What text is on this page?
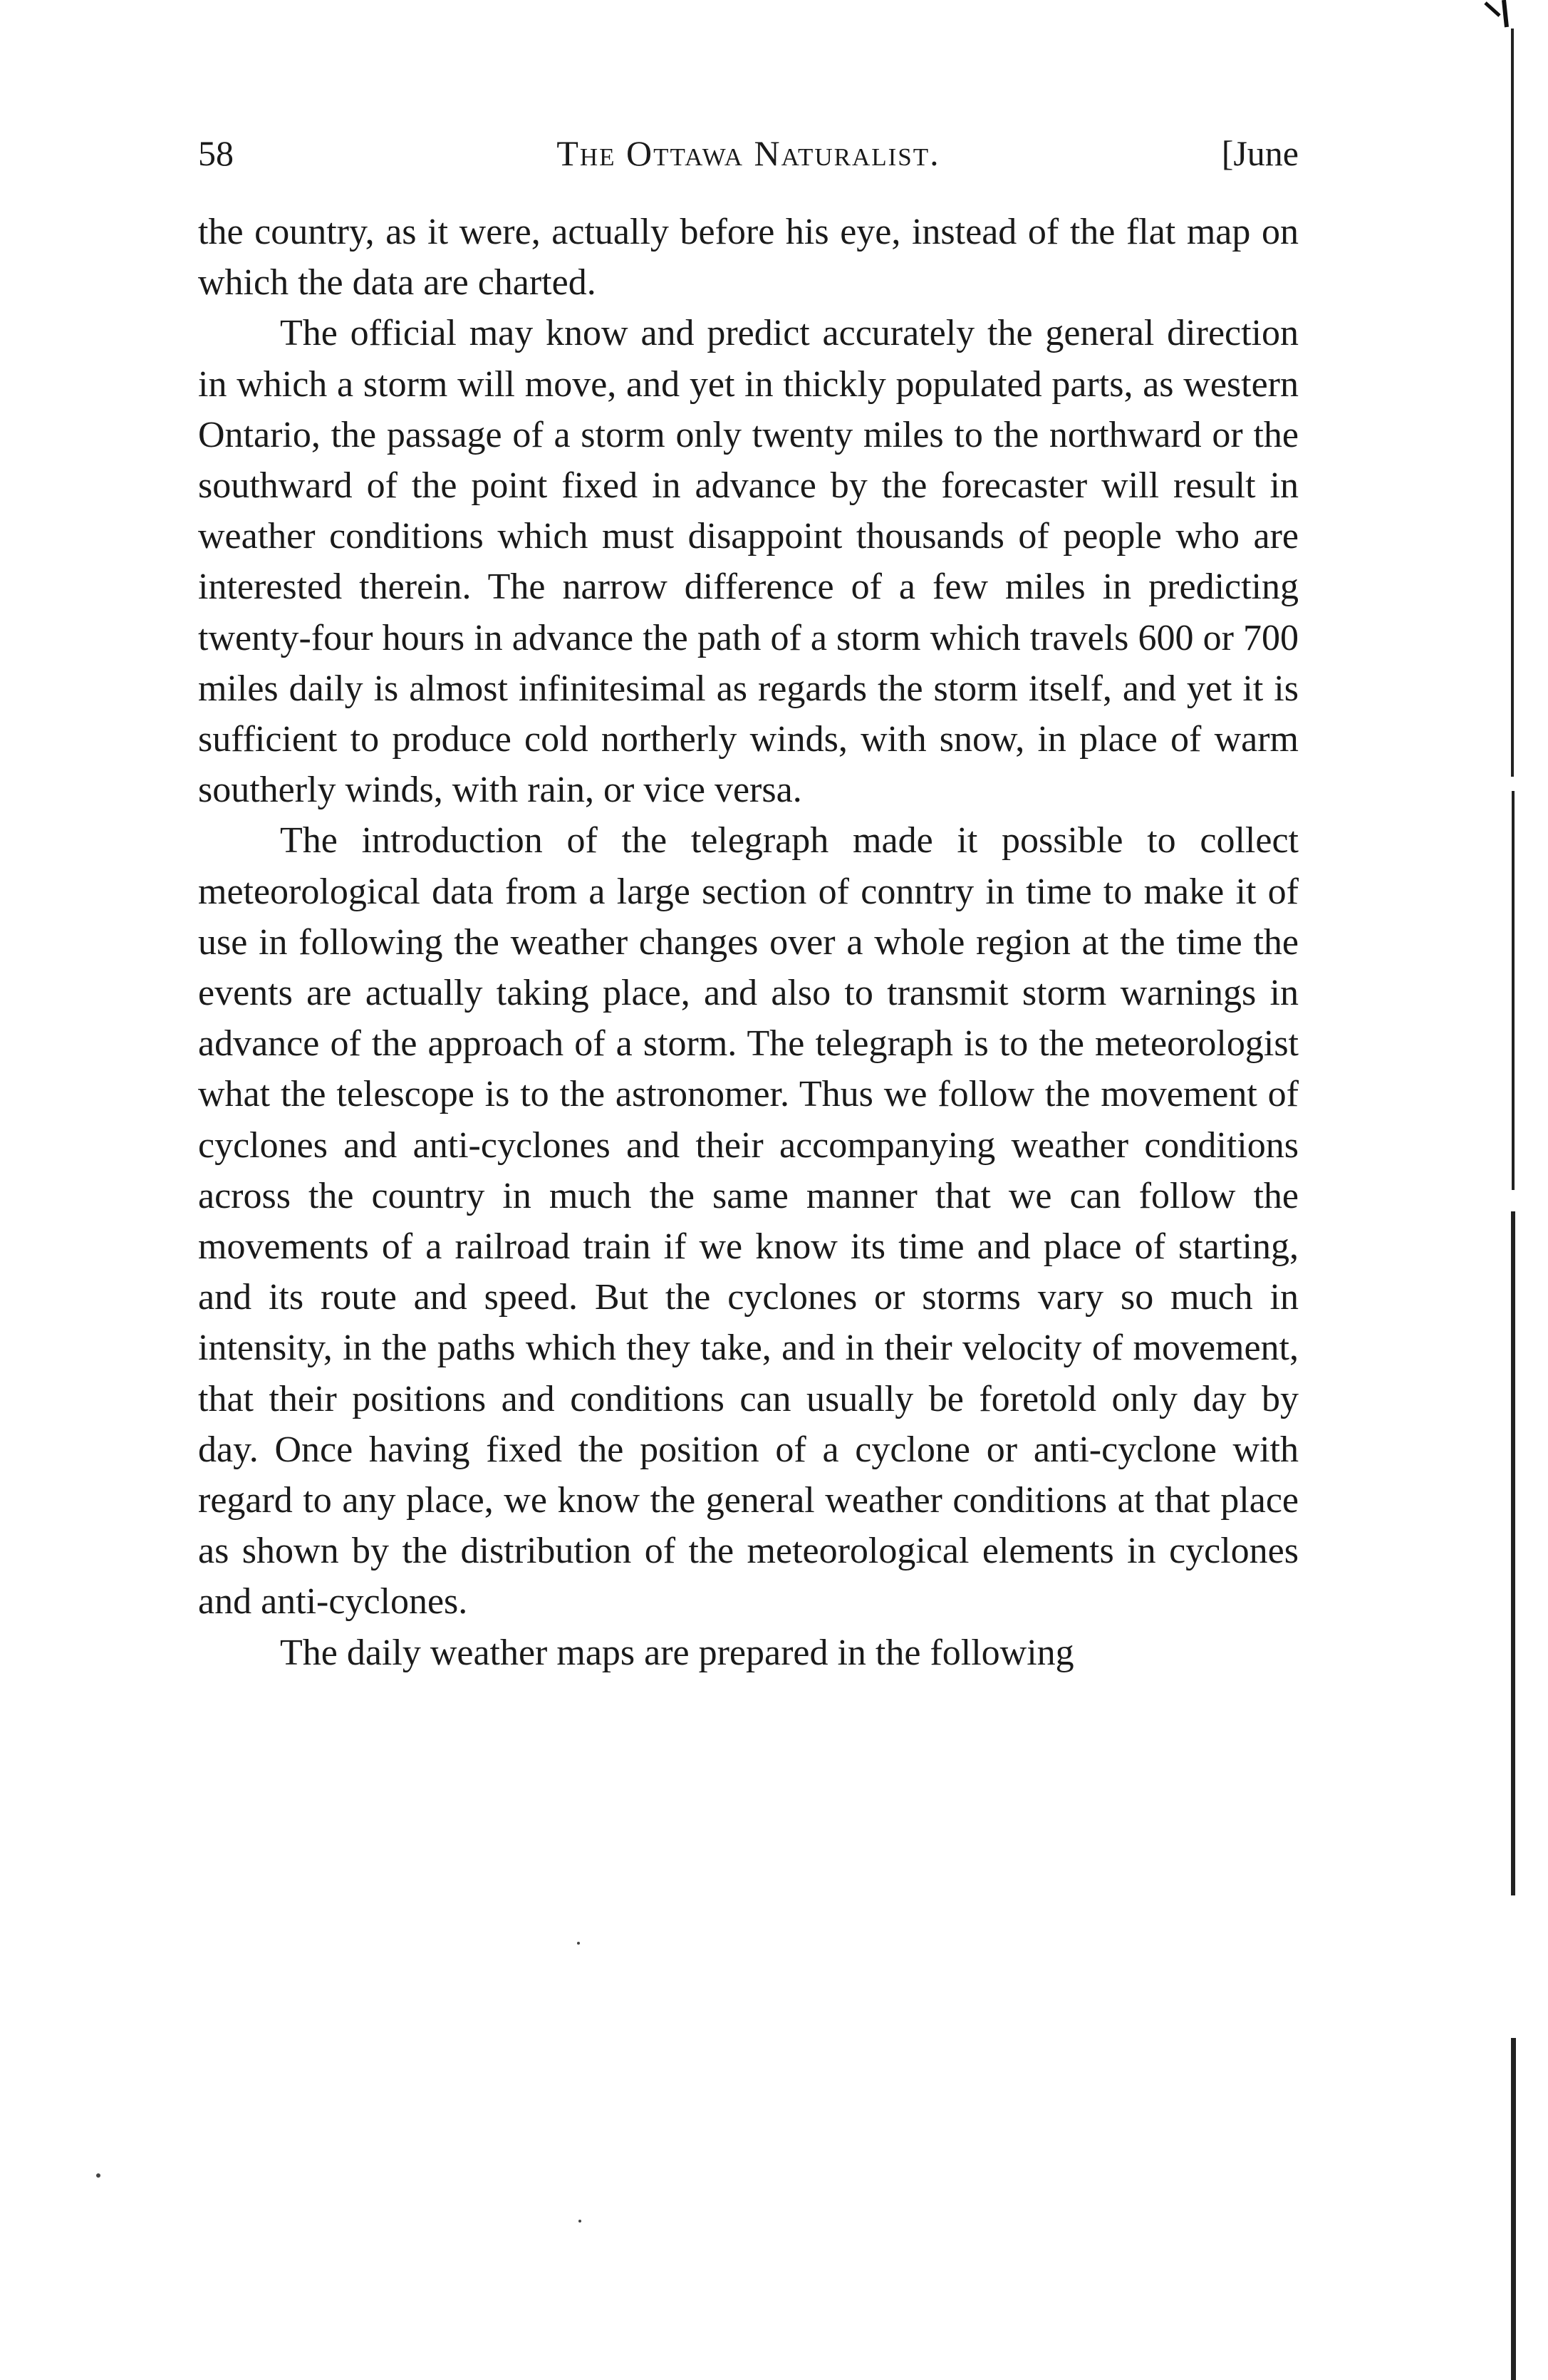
58	The Ottawa Naturalist.	[June

the country, as it were, actually before his eye, instead of the flat map on which the data are charted.

The official may know and predict accurately the general direction in which a storm will move, and yet in thickly populated parts, as western Ontario, the passage of a storm only twenty miles to the northward or the southward of the point fixed in advance by the forecaster will result in weather conditions which must disappoint thousands of people who are interested therein. The narrow difference of a few miles in predicting twenty-four hours in advance the path of a storm which travels 600 or 700 miles daily is almost infinitesimal as regards the storm itself, and yet it is sufficient to produce cold northerly winds, with snow, in place of warm southerly winds, with rain, or vice versa.

The introduction of the telegraph made it possible to collect meteorological data from a large section of conntry in time to make it of use in following the weather changes over a whole region at the time the events are actually taking place, and also to transmit storm warnings in advance of the approach of a storm. The telegraph is to the meteorologist what the telescope is to the astronomer. Thus we follow the movement of cyclones and anti-cyclones and their accompanying weather conditions across the country in much the same manner that we can follow the movements of a railroad train if we know its time and place of starting, and its route and speed. But the cyclones or storms vary so much in intensity, in the paths which they take, and in their velocity of movement, that their positions and conditions can usually be foretold only day by day. Once having fixed the position of a cyclone or anti-cyclone with regard to any place, we know the general weather conditions at that place as shown by the distribution of the meteorological elements in cyclones and anti-cyclones.

The daily weather maps are prepared in the following
